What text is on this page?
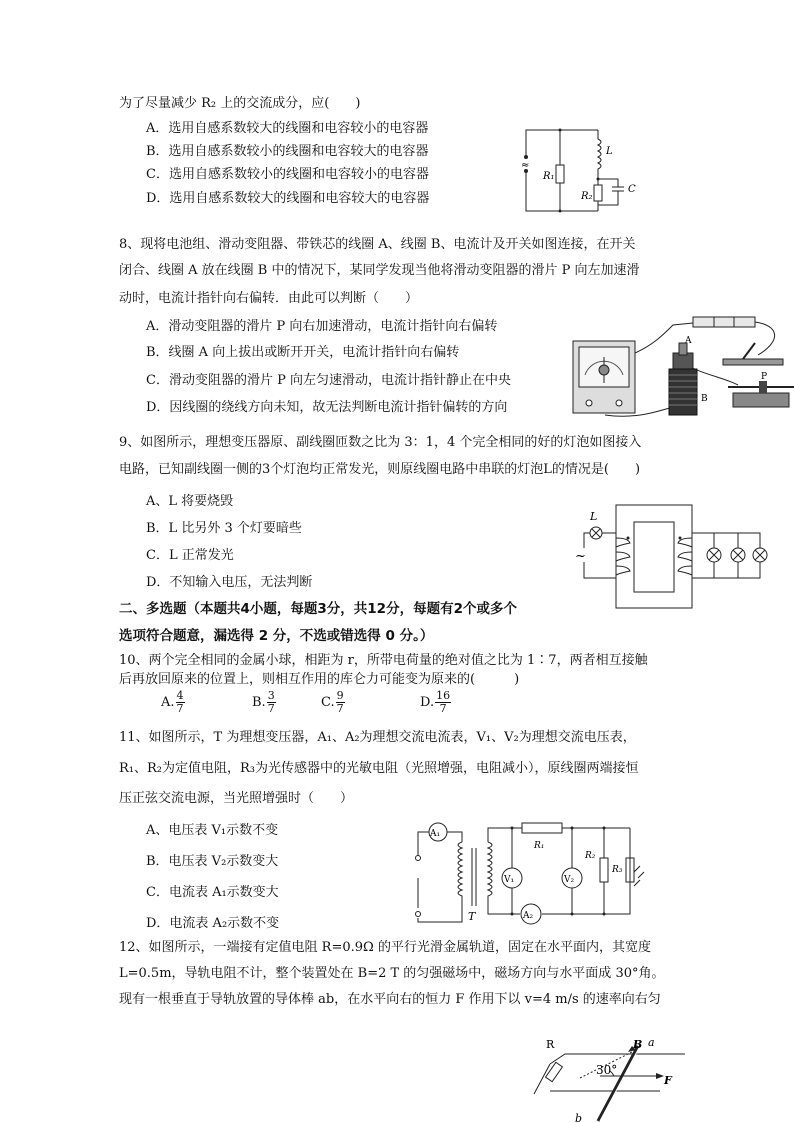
为了尽量减少 R₂ 上的交流成分，应(　　)
A．选用自感系数较大的线圈和电容较小的电容器
B．选用自感系数较小的线圈和电容较大的电容器
C．选用自感系数较小的线圈和电容较小的电容器
D．选用自感系数较大的线圈和电容较大的电容器
≈
R₁
R₂
L
C
8、现将电池组、滑动变阻器、带铁芯的线圈 A、线圈 B、电流计及开关如图连接，在开关
闭合、线圈 A 放在线圈 B 中的情况下，某同学发现当他将滑动变阻器的滑片 P 向左加速滑
动时，电流计指针向右偏转．由此可以判断（　　）
A．滑动变阻器的滑片 P 向右加速滑动，电流计指针向右偏转
B．线圈 A 向上拔出或断开开关，电流计指针向右偏转
C．滑动变阻器的滑片 P 向左匀速滑动，电流计指针静止在中央
D．因线圈的绕线方向未知，故无法判断电流计指针偏转的方向
A
B
P
9、如图所示，理想变压器原、副线圈匝数之比为 3：1，4 个完全相同的好的灯泡如图接入
电路，已知副线圈一侧的3个灯泡均正常发光，则原线圈电路中串联的灯泡L的情况是(　　)
A、L 将要烧毁
B．L 比另外 3 个灯要暗些
C．L 正常发光
D．不知输入电压，无法判断
L
~
二、多选题（本题共4小题，每题3分，共12分，每题有2个或多个
选项符合题意，漏选得 2 分，不选或错选得 0 分。）
10、两个完全相同的金属小球，相距为 r，所带电荷量的绝对值之比为 1∶7，两者相互接触
后再放回原来的位置上，则相互作用的库仑力可能变为原来的(　　　)
A. $\frac{4}{7}$	B. $\frac{3}{7}$	C. $\frac{9}{7}$	D. $\frac{16}{7}$
11、如图所示，T 为理想变压器，A₁、A₂为理想交流电流表，V₁、V₂为理想交流电压表，
R₁、R₂为定值电阻，R₃为光传感器中的光敏电阻（光照增强，电阻减小），原线圈两端接恒
压正弦交流电源，当光照增强时（　　）
A、电压表 V₁示数不变
B．电压表 V₂示数变大
C．电流表 A₁示数变大
D．电流表 A₂示数不变
A₁
V₁	V₂
A₂
R₁
R₂
R₃
T
12、如图所示，一端接有定值电阻 R=0.9Ω 的平行光滑金属轨道，固定在水平面内，其宽度
L=0.5m，导轨电阻不计，整个装置处在 B=2 T 的匀强磁场中，磁场方向与水平面成 30°角。
现有一根垂直于导轨放置的导体棒 ab，在水平向右的恒力 F 作用下以 v=4 m/s 的速率向右匀
R	B a
30°
F
b
